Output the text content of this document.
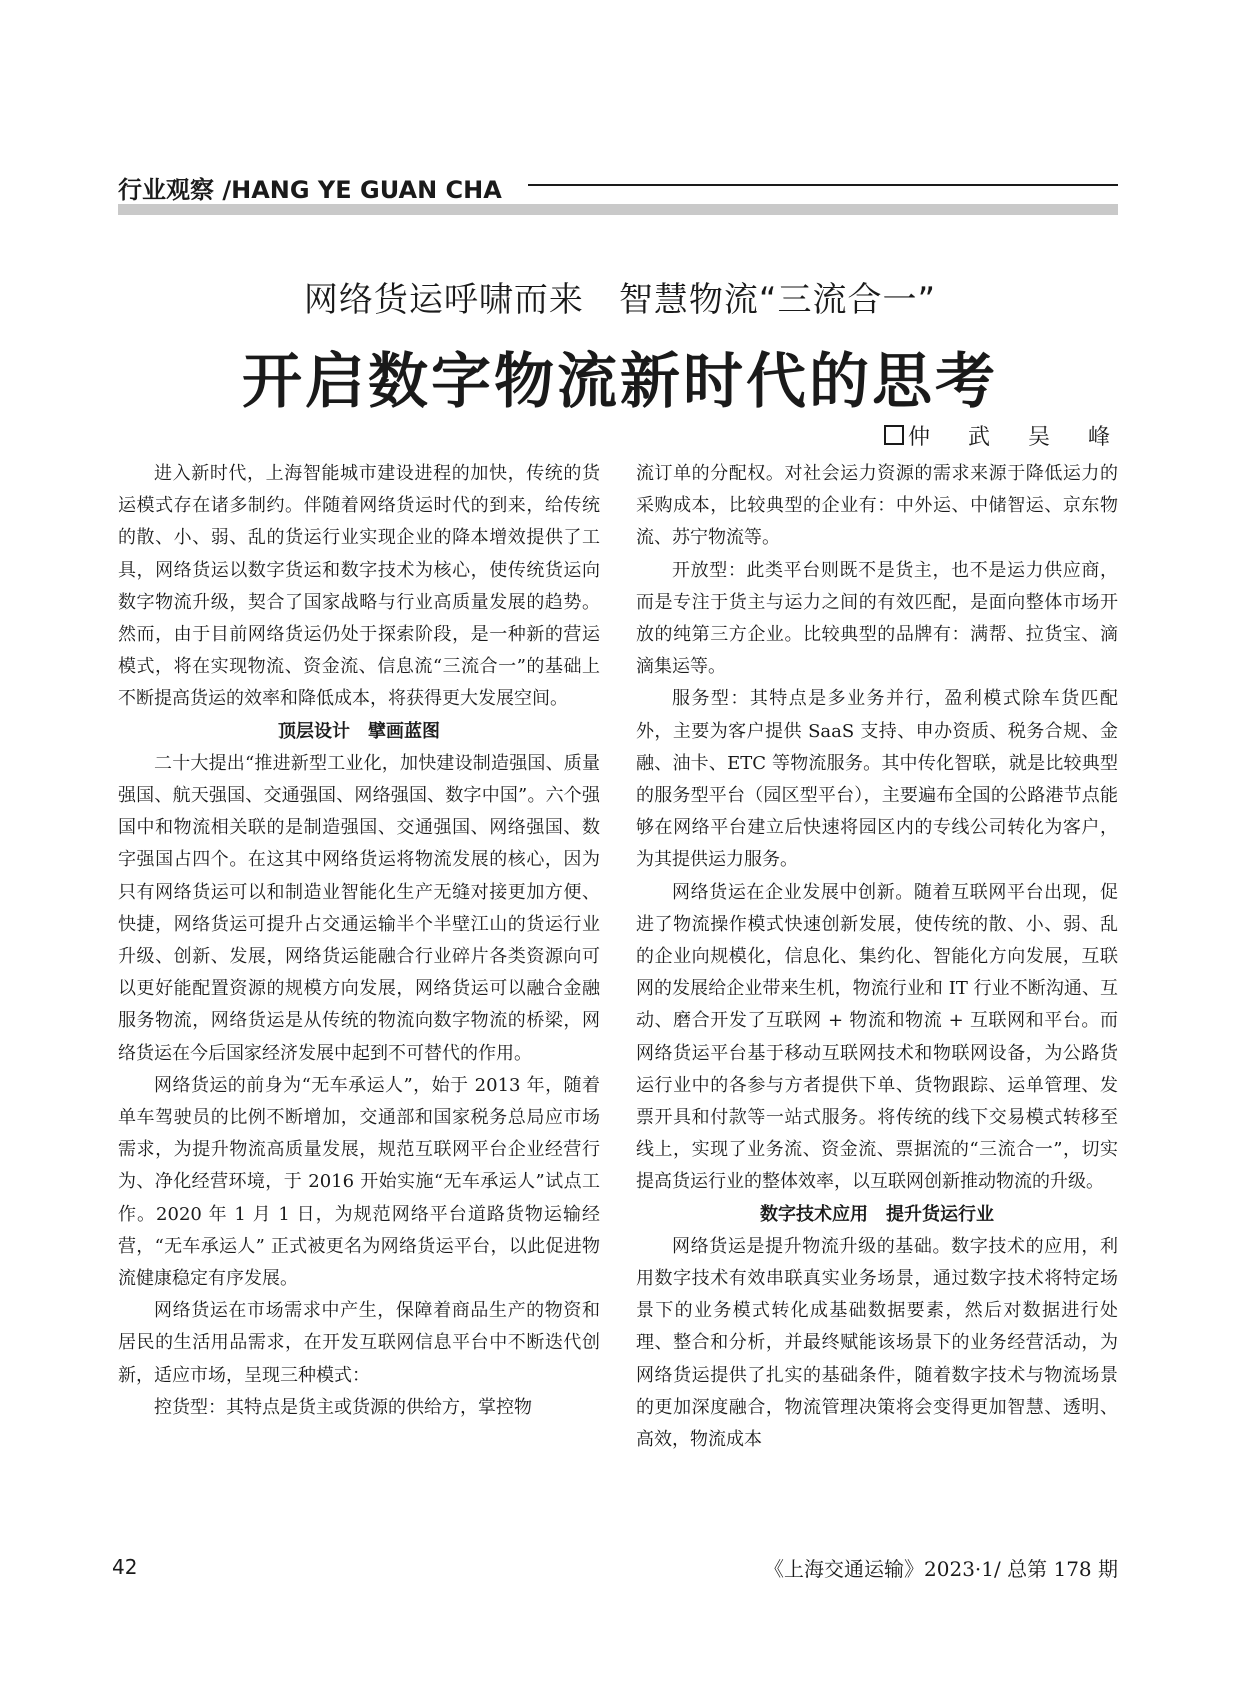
行业观察 /HANG YE GUAN CHA
网络货运呼啸而来　智慧物流“三流合一”
开启数字物流新时代的思考
仲　武　吴　峰

进入新时代，上海智能城市建设进程的加快，传统的货运模式存在诸多制约。伴随着网络货运时代的到来，给传统的散、小、弱、乱的货运行业实现企业的降本增效提供了工具，网络货运以数字货运和数字技术为核心，使传统货运向数字物流升级，契合了国家战略与行业高质量发展的趋势。然而，由于目前网络货运仍处于探索阶段，是一种新的营运模式，将在实现物流、资金流、信息流“三流合一”的基础上不断提高货运的效率和降低成本，将获得更大发展空间。

顶层设计　擘画蓝图

二十大提出“推进新型工业化，加快建设制造强国、质量强国、航天强国、交通强国、网络强国、数字中国”。六个强国中和物流相关联的是制造强国、交通强国、网络强国、数字强国占四个。在这其中网络货运将物流发展的核心，因为只有网络货运可以和制造业智能化生产无缝对接更加方便、快捷，网络货运可提升占交通运输半个半壁江山的货运行业升级、创新、发展，网络货运能融合行业碎片各类资源向可以更好能配置资源的规模方向发展，网络货运可以融合金融服务物流，网络货运是从传统的物流向数字物流的桥梁，网络货运在今后国家经济发展中起到不可替代的作用。

网络货运的前身为“无车承运人”，始于 2013 年，随着单车驾驶员的比例不断增加，交通部和国家税务总局应市场需求，为提升物流高质量发展，规范互联网平台企业经营行为、净化经营环境，于 2016 开始实施“无车承运人”试点工作。2020 年 1 月 1 日，为规范网络平台道路货物运输经营，“无车承运人” 正式被更名为网络货运平台，以此促进物流健康稳定有序发展。

网络货运在市场需求中产生，保障着商品生产的物资和居民的生活用品需求，在开发互联网信息平台中不断迭代创新，适应市场，呈现三种模式：

控货型：其特点是货主或货源的供给方，掌控物

流订单的分配权。对社会运力资源的需求来源于降低运力的采购成本，比较典型的企业有：中外运、中储智运、京东物流、苏宁物流等。

开放型：此类平台则既不是货主，也不是运力供应商，而是专注于货主与运力之间的有效匹配，是面向整体市场开放的纯第三方企业。比较典型的品牌有：满帮、拉货宝、滴滴集运等。

服务型：其特点是多业务并行，盈利模式除车货匹配外，主要为客户提供 SaaS 支持、申办资质、税务合规、金融、油卡、ETC 等物流服务。其中传化智联，就是比较典型的服务型平台（园区型平台），主要遍布全国的公路港节点能够在网络平台建立后快速将园区内的专线公司转化为客户，为其提供运力服务。

网络货运在企业发展中创新。随着互联网平台出现，促进了物流操作模式快速创新发展，使传统的散、小、弱、乱的企业向规模化，信息化、集约化、智能化方向发展，互联网的发展给企业带来生机，物流行业和 IT 行业不断沟通、互动、磨合开发了互联网 + 物流和物流 + 互联网和平台。而网络货运平台基于移动互联网技术和物联网设备，为公路货运行业中的各参与方者提供下单、货物跟踪、运单管理、发票开具和付款等一站式服务。将传统的线下交易模式转移至线上，实现了业务流、资金流、票据流的“三流合一”，切实提高货运行业的整体效率，以互联网创新推动物流的升级。

数字技术应用　提升货运行业

网络货运是提升物流升级的基础。数字技术的应用，利用数字技术有效串联真实业务场景，通过数字技术将特定场景下的业务模式转化成基础数据要素，然后对数据进行处理、整合和分析，并最终赋能该场景下的业务经营活动，为网络货运提供了扎实的基础条件，随着数字技术与物流场景的更加深度融合，物流管理决策将会变得更加智慧、透明、高效，物流成本

42	《上海交通运输》2023·1/ 总第 178 期
